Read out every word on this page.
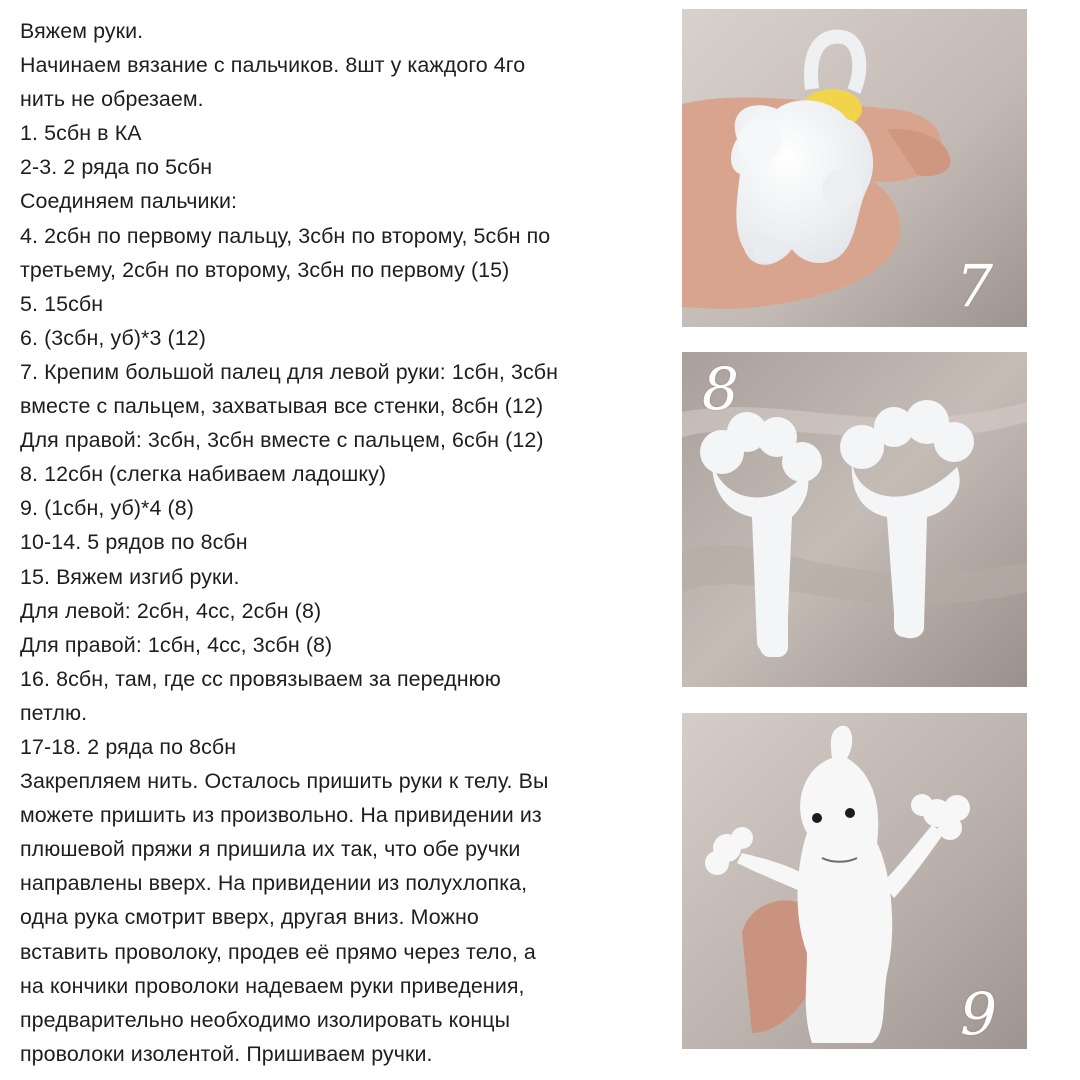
Вяжем руки.
Начинаем вязание с пальчиков. 8шт у каждого 4го
нить не обрезаем.
1. 5сбн в КА
2-3. 2 ряда по 5сбн
Соединяем пальчики:
4. 2сбн по первому пальцу, 3сбн по второму, 5сбн по
третьему, 2сбн по второму, 3сбн по первому (15)
5. 15сбн
6. (3сбн, уб)*3 (12)
7. Крепим большой палец для левой руки: 1сбн, 3сбн
вместе с пальцем, захватывая все стенки, 8сбн (12)
Для правой: 3сбн, 3сбн вместе с пальцем, 6сбн (12)
8. 12сбн (слегка набиваем ладошку)
9. (1сбн, уб)*4 (8)
10-14. 5 рядов по 8сбн
15. Вяжем изгиб руки.
Для левой: 2сбн, 4сс, 2сбн (8)
Для правой: 1сбн, 4сс, 3сбн (8)
16. 8сбн, там, где сс провязываем за переднюю
петлю.
17-18. 2 ряда по 8сбн
Закрепляем нить. Осталось пришить руки к телу. Вы
можете пришить из произвольно. На привидении из
плюшевой пряжи я пришила их так, что обе ручки
направлены вверх. На привидении из полухлопка,
одна рука смотрит вверх, другая вниз. Можно
вставить проволоку, продев её прямо через тело, а
на кончики проволоки надеваем руки приведения,
предварительно необходимо изолировать концы
проволоки изолентой. Пришиваем ручки.
7
8
9
